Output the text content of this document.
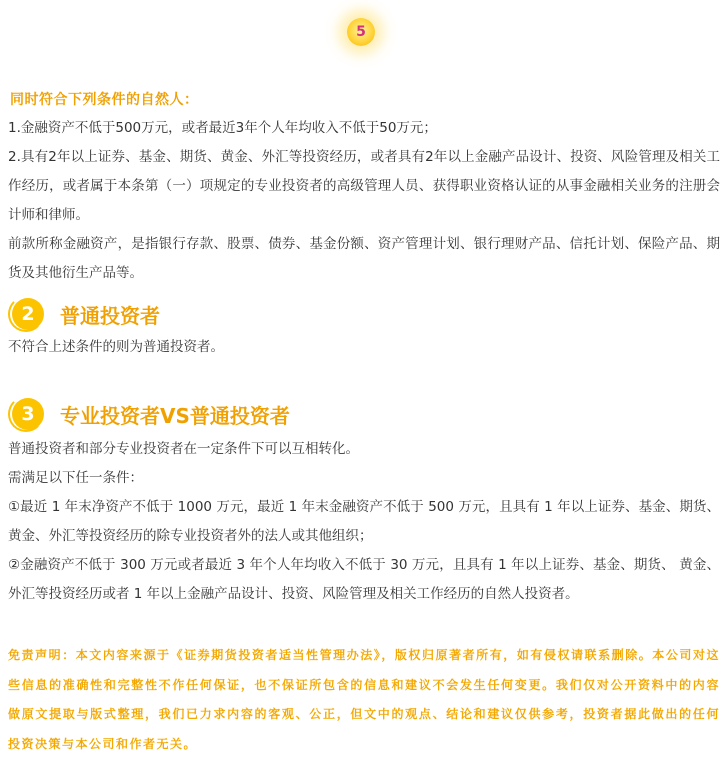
5

同时符合下列条件的自然人：

1.金融资产不低于500万元，或者最近3年个人年均收入不低于50万元；

2.具有2年以上证券、基金、期货、黄金、外汇等投资经历，或者具有2年以上金融产品设计、投资、风险管理及相关工作经历，或者属于本条第（一）项规定的专业投资者的高级管理人员、获得职业资格认证的从事金融相关业务的注册会计师和律师。

前款所称金融资产，是指银行存款、股票、债券、基金份额、资产管理计划、银行理财产品、信托计划、保险产品、期货及其他衍生产品等。

2	普通投资者

不符合上述条件的则为普通投资者。

3	专业投资者VS普通投资者

普通投资者和部分专业投资者在一定条件下可以互相转化。

需满足以下任一条件：

①最近 1 年末净资产不低于 1000 万元，最近 1 年末金融资产不低于 500 万元，且具有 1 年以上证券、基金、期货、黄金、外汇等投资经历的除专业投资者外的法人或其他组织；

②金融资产不低于 300 万元或者最近 3 年个人年均收入不低于 30 万元，且具有 1 年以上证券、基金、期货、 黄金、外汇等投资经历或者 1 年以上金融产品设计、投资、风险管理及相关工作经历的自然人投资者。

免责声明：本文内容来源于《证券期货投资者适当性管理办法》，版权归原著者所有，如有侵权请联系删除。本公司对这些信息的准确性和完整性不作任何保证，也不保证所包含的信息和建议不会发生任何变更。我们仅对公开资料中的内容做原文提取与版式整理，我们已力求内容的客观、公正，但文中的观点、结论和建议仅供参考，投资者据此做出的任何投资决策与本公司和作者无关。
